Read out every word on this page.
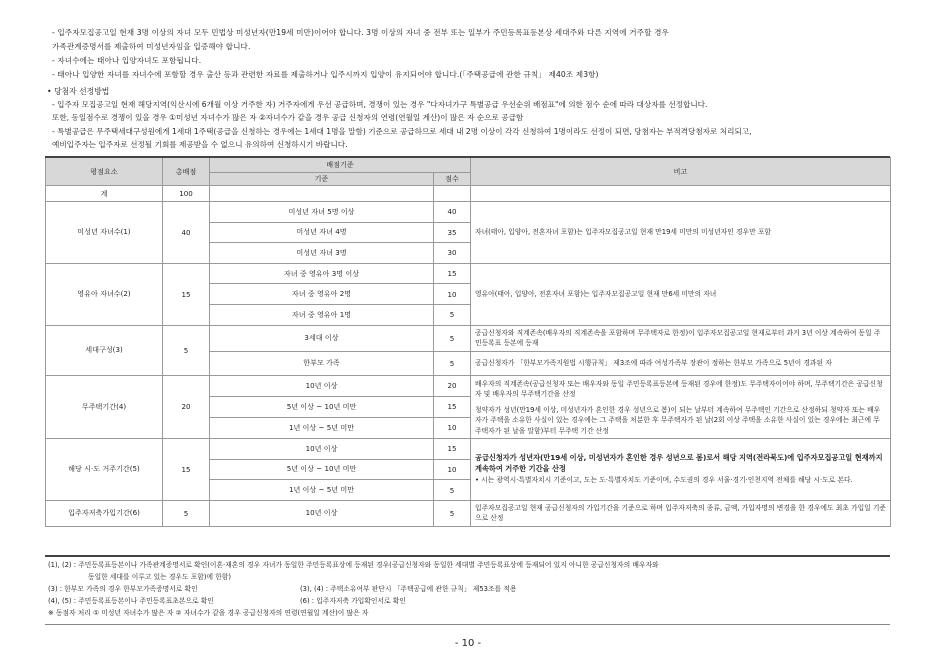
- 입주자모집공고일 현재 3명 이상의 자녀 모두 민법상 미성년자(만19세 미만)이어야 합니다. 3명 이상의 자녀 중 전부 또는 일부가 주민등록표등본상 세대주와 다른 지역에 거주할 경우
가족관계증명서를 제출하여 미성년자임을 입증해야 합니다.
- 자녀수에는 태아나 입양자녀도 포함됩니다.
- 태아나 입양한 자녀를 자녀수에 포함할 경우 출산 등과 관련한 자료를 제출하거나 입주시까지 입양이 유지되어야 합니다.(「주택공급에 관한 규칙」 제40조 제3항)
• 당첨자 선정방법
- 입주자 모집공고일 현재 해당지역(익산시에 6개월 이상 거주한 자) 거주자에게 우선 공급하며, 경쟁이 있는 경우 "다자녀가구 특별공급 우선순위 배점표"에 의한 점수 순에 따라 대상자를 선정합니다.
또한, 동일점수로 경쟁이 있을 경우 ①미성년 자녀수가 많은 자 ②자녀수가 같을 경우 공급 신청자의 연령(연월일 계산)이 많은 자 순으로 공급함
- 특별공급은 무주택세대구성원에게 1세대 1주택(공급을 신청하는 경우에는 1세대 1명을 말함) 기준으로 공급하므로 세대 내 2명 이상이 각각 신청하여 1명이라도 선정이 되면, 당첨자는 부적격당첨자로 처리되고,
예비입주자는 입주자로 선정될 기회를 제공받을 수 없으니 유의하여 신청하시기 바랍니다.
평점요소	총배점	배점기준		비고
		기준	점수	
계	100			
미성년 자녀수(1)	40	미성년 자녀 5명 이상	40	자녀(태아, 입양아, 전혼자녀 포함)는 입주자모집공고일 현재 만19세 미만의 미성년자인 경우만 포함
		미성년 자녀 4명	35	
		미성년 자녀 3명	30	
영유아 자녀수(2)	15	자녀 중 영유아 3명 이상	15	영유아(태아, 입양아, 전혼자녀 포함)는 입주자모집공고일 현재 만6세 미만의 자녀
		자녀 중 영유아 2명	10	
		자녀 중 영유아 1명	5	
세대구성(3)	5	3세대 이상	5	공급신청자와 직계존속(배우자의 직계존속을 포함하며 무주택자로 한정)이 입주자모집공고일 현재로부터 과거 3년 이상 계속하여 동일 주민등록표 등본에 등재
		한부모 가족	5	공급신청자가 「한부모가족지원법 시행규칙」 제3조에 따라 여성가족부 장관이 정하는 한부모 가족으로 5년이 경과된 자
무주택기간(4)	20	10년 이상	20	배우자의 직계존속(공급신청자 또는 배우자와 동일 주민등록표등본에 등재된 경우에 한정)도 무주택자이어야 하며, 무주택기간은 공급신청자 및 배우자의 무주택기간을 산정
청약자가 성년(만19세 이상, 미성년자가 혼인한 경우 성년으로 봄)이 되는 날부터 계속하여 무주택인 기간으로 산정하되 청약자 또는 배우자가 주택을 소유한 사실이 있는 경우에는 그 주택을 처분한 후 무주택자가 된 날(2회 이상 주택을 소유한 사실이 있는 경우에는 최근에 무주택자가 된 날을 말함)부터 무주택 기간 산정

		5년 이상 ~ 10년 미만	15	
		1년 이상 ~ 5년 미만	10	
해당 시·도 거주기간(5)	15	10년 이상	15	공급신청자가 성년자(만19세 이상, 미성년자가 혼인한 경우 성년으로 봄)로서 해당 지역(전라북도)에 입주자모집공고일 현재까지 계속하여 거주한 기간을 산정
• 시는 광역시·특별자치시 기준이고, 도는 도·특별자치도 기준이며, 수도권의 경우 서울·경기·인천지역 전체를 해당 시·도로 본다.

		5년 이상 ~ 10년 미만	10	
		1년 이상 ~ 5년 미만	5	
입주자저축가입기간(6)	5	10년 이상	5	입주자모집공고일 현재 공급신청자의 가입기간을 기준으로 하며 입주자저축의 종류, 금액, 가입자명의 변경을 한 경우에도 최초 가입일 기준으로 산정
(1), (2) : 주민등록표등본이나 가족관계증명서로 확인(이혼·재혼의 경우 자녀가 동일한 주민등록표상에 등재된 경우(공급신청자와 동일한 세대별 주민등록표상에 등재되어 있지 아니한 공급신청자의 배우자와
동일한 세대를 이루고 있는 경우도 포함)에 한함)
(3) : 한부모 가족의 경우 한부모가족증명서로 확인	(3), (4) : 주택소유여부 판단시 「주택공급에 관한 규칙」 제53조를 적용
(4), (5) : 주민등록표등본이나 주민등록표초본으로 확인	(6) : 입주자저축 가입확인서로 확인
※ 동점자 처리 ① 미성년 자녀수가 많은 자 ② 자녀수가 같을 경우 공급신청자의 연령(연월일 계산)이 많은 자
- 10 -
